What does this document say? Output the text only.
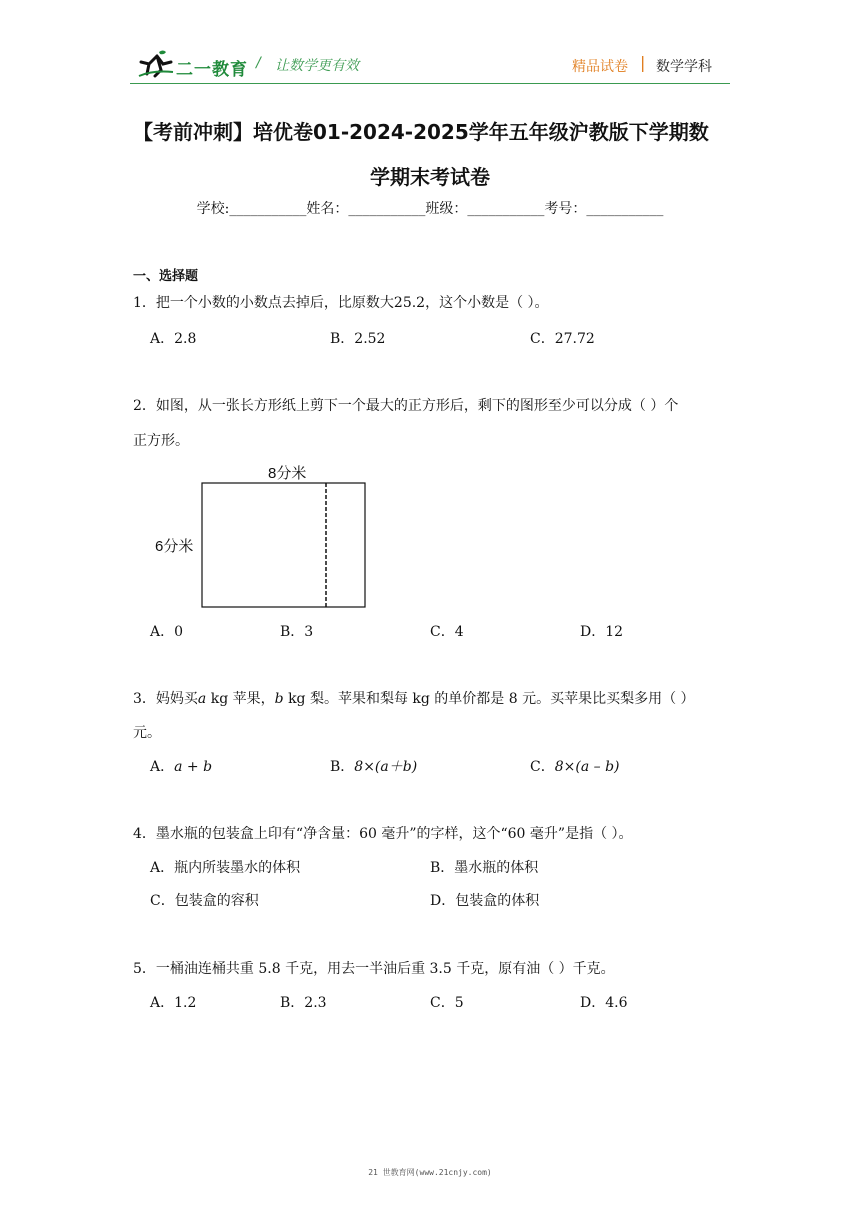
二一教育 / 让数学更有效	精品试卷 | 数学学科
【考前冲刺】培优卷01-2024-2025学年五年级沪教版下学期数
学期末考试卷
学校:___________姓名：___________班级：___________考号：___________
一、选择题
1．把一个小数的小数点去掉后，比原数大25.2，这个小数是（ ）。
A．2.8	B．2.52	C．27.72
2．如图，从一张长方形纸上剪下一个最大的正方形后，剩下的图形至少可以分成（ ）个
正方形。
8分米
6分米
A．0	B．3	C．4	D．12
3．妈妈买a kg 苹果，b kg 梨。苹果和梨每 kg 的单价都是 8 元。买苹果比买梨多用（ ）
元。
A．a + b	B．8×(a＋b)	C．8×(a – b)
4．墨水瓶的包装盒上印有“净含量：60 毫升”的字样，这个“60 毫升”是指（ ）。
A．瓶内所装墨水的体积	B．墨水瓶的体积
C．包装盒的容积	D．包装盒的体积
5．一桶油连桶共重 5.8 千克，用去一半油后重 3.5 千克，原有油（ ）千克。
A．1.2	B．2.3	C．5	D．4.6
21 世教育网(www.21cnjy.com)
